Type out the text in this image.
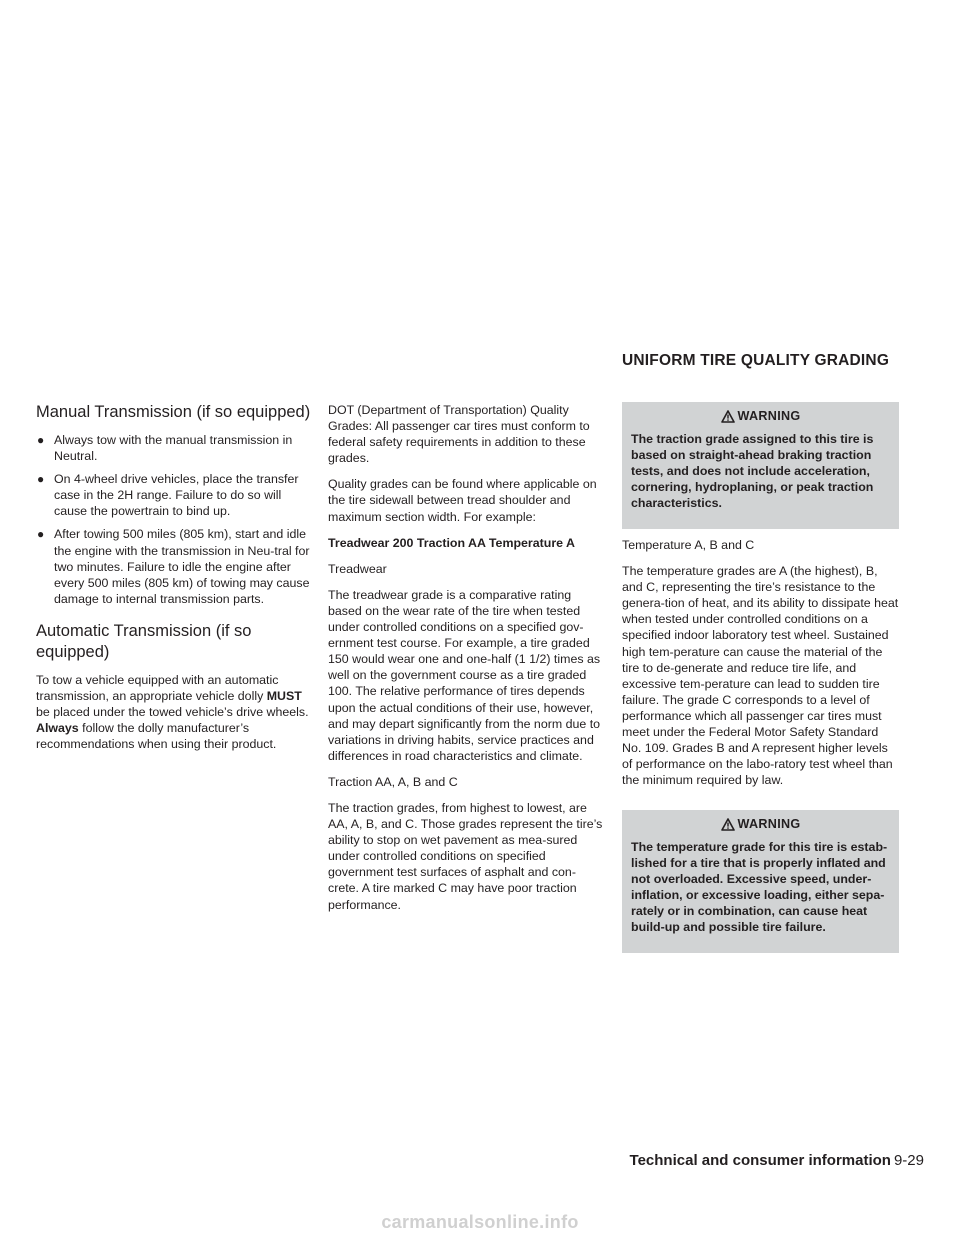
UNIFORM TIRE QUALITY GRADING
Manual Transmission (if so equipped)
● Always tow with the manual transmission in Neutral.
● On 4-wheel drive vehicles, place the transfer case in the 2H range. Failure to do so will cause the powertrain to bind up.
● After towing 500 miles (805 km), start and idle the engine with the transmission in Neu-tral for two minutes. Failure to idle the engine after every 500 miles (805 km) of towing may cause damage to internal transmission parts.
Automatic Transmission (if so equipped)

To tow a vehicle equipped with an automatic transmission, an appropriate vehicle dolly MUST be placed under the towed vehicle’s drive wheels. Always follow the dolly manufacturer’s recommendations when using their product.

DOT (Department of Transportation) Quality Grades: All passenger car tires must conform to federal safety requirements in addition to these grades.

Quality grades can be found where applicable on the tire sidewall between tread shoulder and maximum section width. For example:

Treadwear 200 Traction AA Temperature A

Treadwear

The treadwear grade is a comparative rating based on the wear rate of the tire when tested under controlled conditions on a specified gov-ernment test course. For example, a tire graded 150 would wear one and one-half (1 1/2) times as well on the government course as a tire graded 100. The relative performance of tires depends upon the actual conditions of their use, however, and may depart significantly from the norm due to variations in driving habits, service practices and differences in road characteristics and climate.

Traction AA, A, B and C

The traction grades, from highest to lowest, are AA, A, B, and C. Those grades represent the tire’s ability to stop on wet pavement as mea-sured under controlled conditions on specified government test surfaces of asphalt and con-crete. A tire marked C may have poor traction performance.

WARNING

The traction grade assigned to this tire is based on straight-ahead braking traction tests, and does not include acceleration, cornering, hydroplaning, or peak traction characteristics.

Temperature A, B and C

The temperature grades are A (the highest), B, and C, representing the tire’s resistance to the genera-tion of heat, and its ability to dissipate heat when tested under controlled conditions on a specified indoor laboratory test wheel. Sustained high tem-perature can cause the material of the tire to de-generate and reduce tire life, and excessive tem-perature can lead to sudden tire failure. The grade C corresponds to a level of performance which all passenger car tires must meet under the Federal Motor Safety Standard No. 109. Grades B and A represent higher levels of performance on the labo-ratory test wheel than the minimum required by law.

WARNING

The temperature grade for this tire is estab-lished for a tire that is properly inflated and not overloaded. Excessive speed, under-inflation, or excessive loading, either sepa-rately or in combination, can cause heat build-up and possible tire failure.

Technical and consumer information 9-29
carmanualsonline.info
